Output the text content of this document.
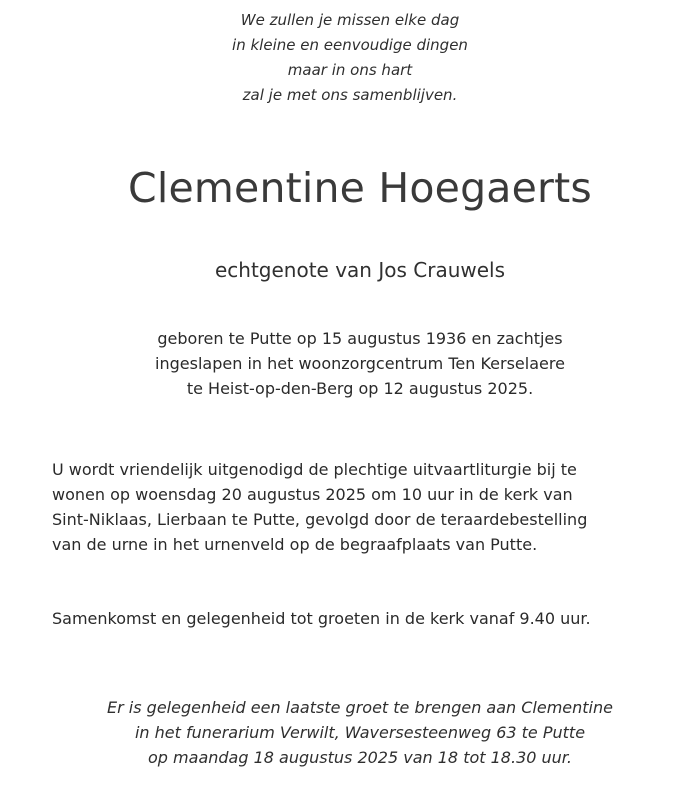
We zullen je missen elke dag
in kleine en eenvoudige dingen
maar in ons hart
zal je met ons samenblijven.
Clementine Hoegaerts
echtgenote van Jos Crauwels
geboren te Putte op 15 augustus 1936 en zachtjes
ingeslapen in het woonzorgcentrum Ten Kerselaere
te Heist-op-den-Berg op 12 augustus 2025.
U wordt vriendelijk uitgenodigd de plechtige uitvaartliturgie bij te
wonen op woensdag 20 augustus 2025 om 10 uur in de kerk van
Sint-Niklaas, Lierbaan te Putte, gevolgd door de teraardebestelling
van de urne in het urnenveld op de begraafplaats van Putte.
Samenkomst en gelegenheid tot groeten in de kerk vanaf 9.40 uur.
Er is gelegenheid een laatste groet te brengen aan Clementine
in het funerarium Verwilt, Waversesteenweg 63 te Putte
op maandag 18 augustus 2025 van 18 tot 18.30 uur.
